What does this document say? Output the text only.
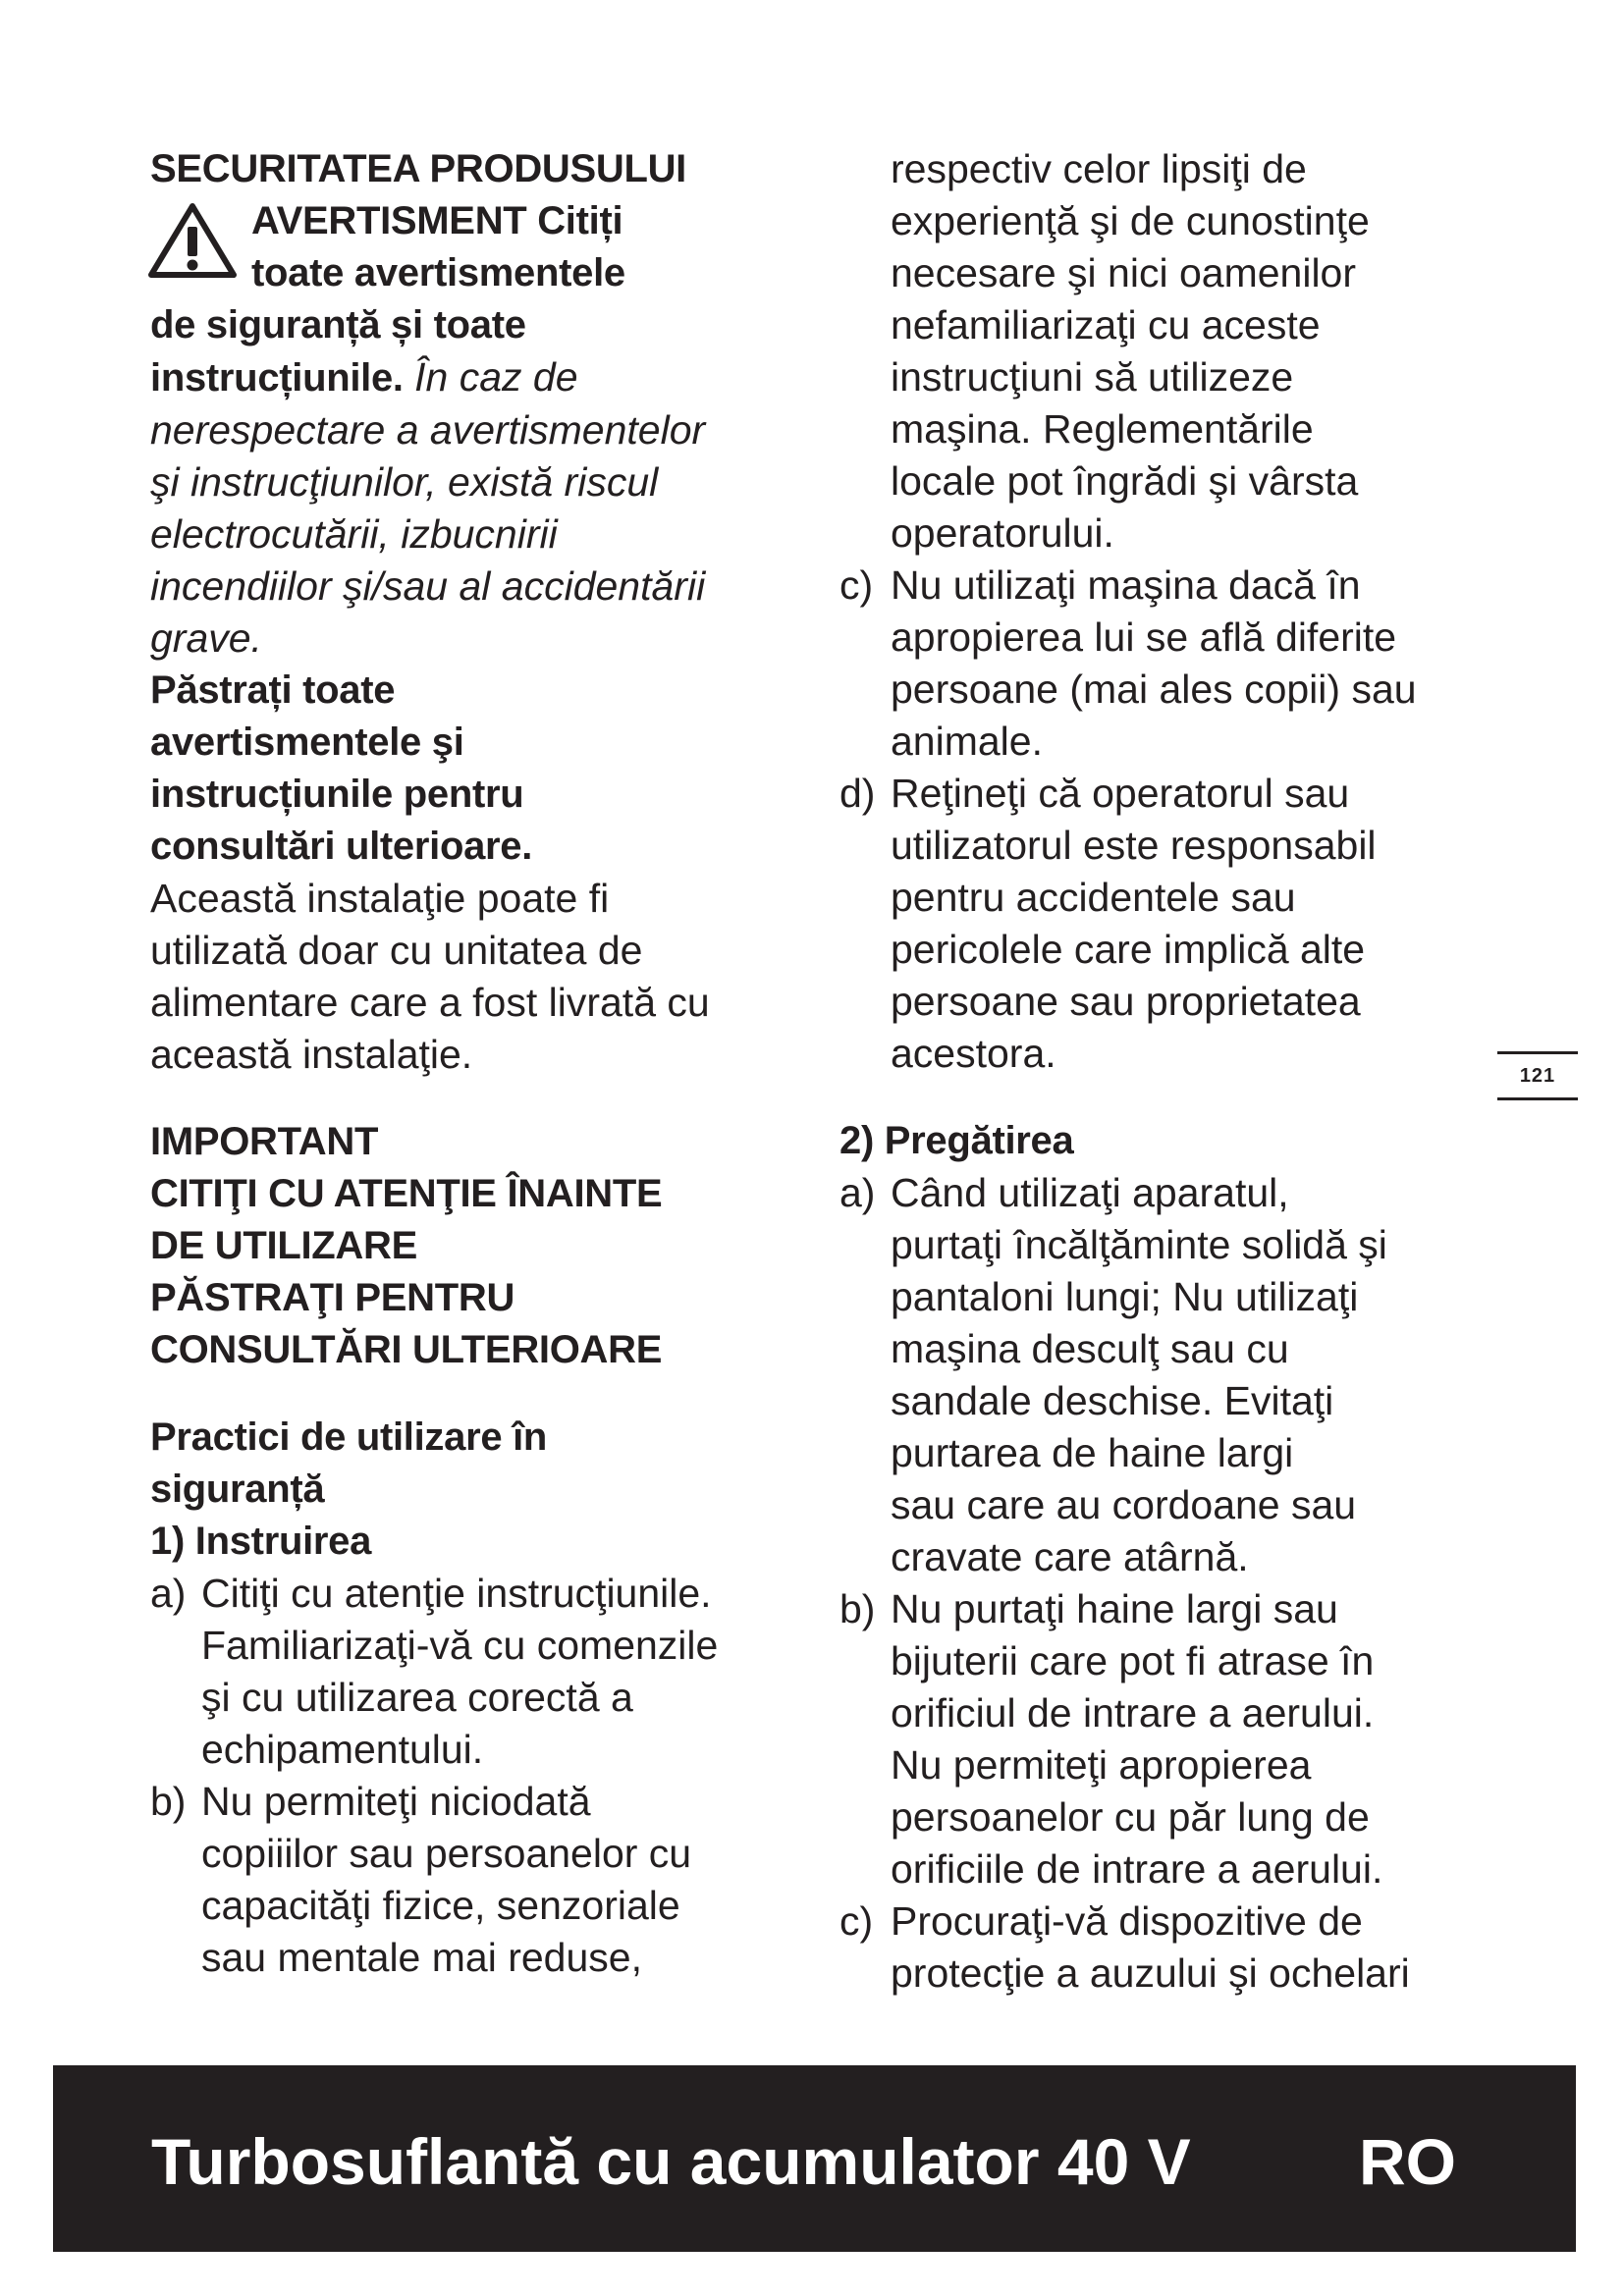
SECURITATEA PRODUSULUI

AVERTISMENT Citiți
toate avertismentele

de siguranță și toate

instrucțiunile. În caz de

nerespectare a avertismentelor

şi instrucţiunilor, există riscul

electrocutării, izbucnirii

incendiilor şi/sau al accidentării

grave.

Păstrați toate

avertismentele şi

instrucțiunile pentru

consultări ulterioare.

Această instalaţie poate fi

utilizată doar cu unitatea de

alimentare care a fost livrată cu

această instalaţie.

IMPORTANT

CITIŢI CU ATENŢIE ÎNAINTE

DE UTILIZARE

PĂSTRAŢI PENTRU

CONSULTĂRI ULTERIOARE

Practici de utilizare în

siguranță

1) Instruirea

a) Citiţi cu atenţie instrucţiunile.
Familiarizaţi-vă cu comenzile
şi cu utilizarea corectă a
echipamentului.
b) Nu permiteţi niciodată
copiiilor sau persoanelor cu
capacităţi fizice, senzoriale
sau mentale mai reduse,

respectiv celor lipsiţi de

experienţă şi de cunostinţe

necesare şi nici oamenilor

nefamiliarizaţi cu aceste

instrucţiuni să utilizeze

maşina. Reglementările

locale pot îngrădi şi vârsta

operatorului.

c) Nu utilizaţi maşina dacă în
apropierea lui se află diferite
persoane (mai ales copii) sau
animale.
d) Reţineţi că operatorul sau
utilizatorul este responsabil
pentru accidentele sau
pericolele care implică alte
persoane sau proprietatea
acestora.

2) Pregătirea

a) Când utilizaţi aparatul,
purtaţi încălţăminte solidă şi
pantaloni lungi; Nu utilizaţi
maşina desculţ sau cu
sandale deschise. Evitaţi
purtarea de haine largi
sau care au cordoane sau
cravate care atârnă.
b) Nu purtaţi haine largi sau
bijuterii care pot fi atrase în
orificiul de intrare a aerului.
Nu permiteţi apropierea
persoanelor cu păr lung de
orificiile de intrare a aerului.
c) Procuraţi-vă dispozitive de
protecţie a auzului şi ochelari
121
Turbosuflantă cu acumulator 40 V	RO
